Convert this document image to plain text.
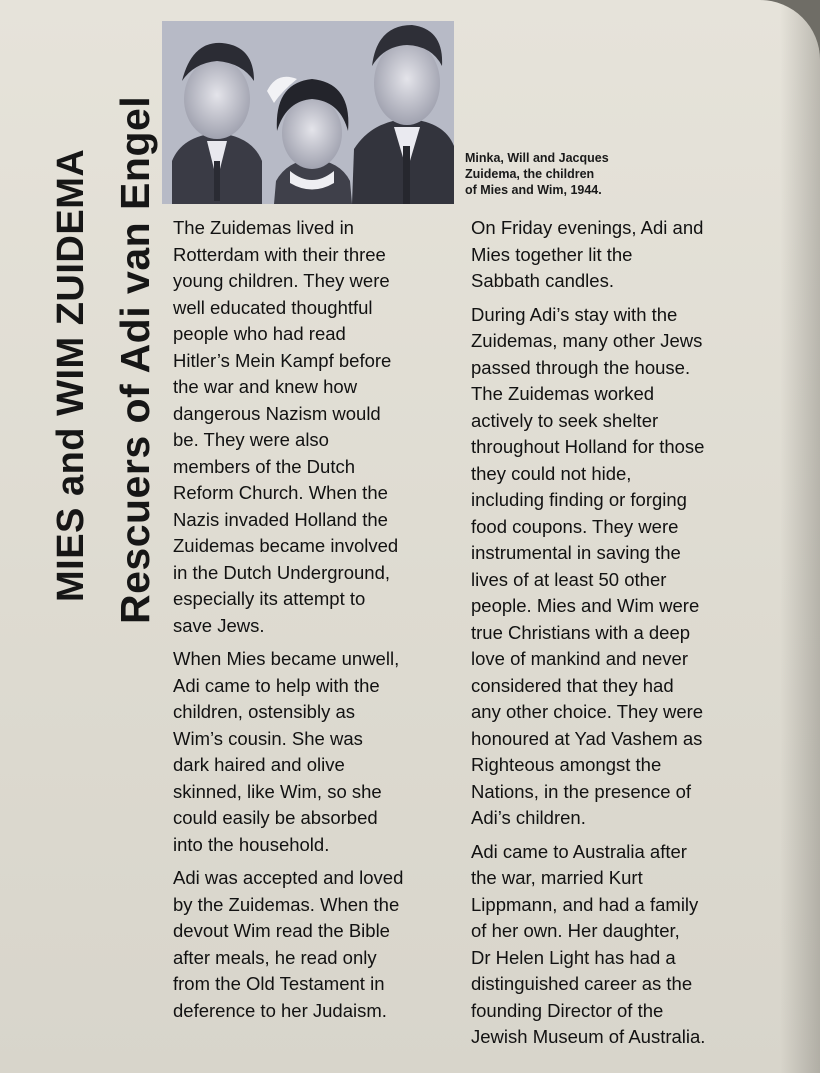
MIES and WIM ZUIDEMA Rescuers of Adi van Engel	Minka, Will and Jacques
Zuidema, the children
of Mies and Wim, 1944.

The Zuidemas lived in
Rotterdam with their three
young children. They were
well educated thoughtful
people who had read
Hitler’s Mein Kampf before
the war and knew how
dangerous Nazism would
be. They were also
members of the Dutch
Reform Church. When the
Nazis invaded Holland the
Zuidemas became involved
in the Dutch Underground,
especially its attempt to
save Jews.

When Mies became unwell,
Adi came to help with the
children, ostensibly as
Wim’s cousin. She was
dark haired and olive
skinned, like Wim, so she
could easily be absorbed
into the household.

Adi was accepted and loved
by the Zuidemas. When the
devout Wim read the Bible
after meals, he read only
from the Old Testament in
deference to her Judaism.

On Friday evenings, Adi and
Mies together lit the
Sabbath candles.

During Adi’s stay with the
Zuidemas, many other Jews
passed through the house.
The Zuidemas worked
actively to seek shelter
throughout Holland for those
they could not hide,
including finding or forging
food coupons. They were
instrumental in saving the
lives of at least 50 other
people. Mies and Wim were
true Christians with a deep
love of mankind and never
considered that they had
any other choice. They were
honoured at Yad Vashem as
Righteous amongst the
Nations, in the presence of
Adi’s children.

Adi came to Australia after
the war, married Kurt
Lippmann, and had a family
of her own. Her daughter,
Dr Helen Light has had a
distinguished career as the
founding Director of the
Jewish Museum of Australia.
